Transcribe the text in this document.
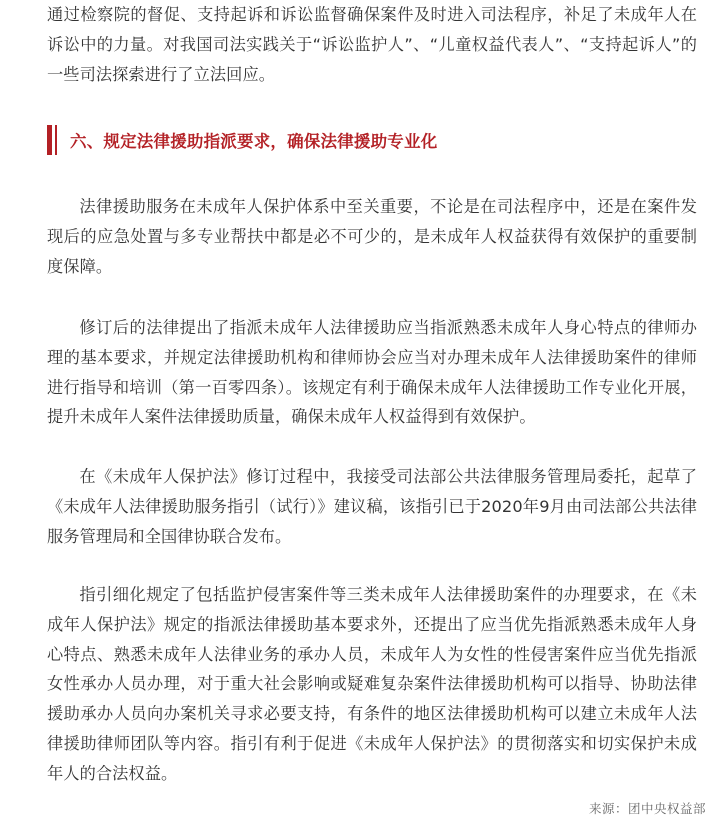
通过检察院的督促、支持起诉和诉讼监督确保案件及时进入司法程序，补足了未成年人在诉讼中的力量。对我国司法实践关于“诉讼监护人”、“儿童权益代表人”、“支持起诉人”的一些司法探索进行了立法回应。

六、规定法律援助指派要求，确保法律援助专业化

法律援助服务在未成年人保护体系中至关重要，不论是在司法程序中，还是在案件发现后的应急处置与多专业帮扶中都是必不可少的，是未成年人权益获得有效保护的重要制度保障。

修订后的法律提出了指派未成年人法律援助应当指派熟悉未成年人身心特点的律师办理的基本要求，并规定法律援助机构和律师协会应当对办理未成年人法律援助案件的律师进行指导和培训（第一百零四条）。该规定有利于确保未成年人法律援助工作专业化开展，提升未成年人案件法律援助质量，确保未成年人权益得到有效保护。

在《未成年人保护法》修订过程中，我接受司法部公共法律服务管理局委托，起草了《未成年人法律援助服务指引（试行）》建议稿，该指引已于2020年9月由司法部公共法律服务管理局和全国律协联合发布。

指引细化规定了包括监护侵害案件等三类未成年人法律援助案件的办理要求，在《未成年人保护法》规定的指派法律援助基本要求外，还提出了应当优先指派熟悉未成年人身心特点、熟悉未成年人法律业务的承办人员，未成年人为女性的性侵害案件应当优先指派女性承办人员办理，对于重大社会影响或疑难复杂案件法律援助机构可以指导、协助法律援助承办人员向办案机关寻求必要支持，有条件的地区法律援助机构可以建立未成年人法律援助律师团队等内容。指引有利于促进《未成年人保护法》的贯彻落实和切实保护未成年人的合法权益。

来源：团中央权益部
